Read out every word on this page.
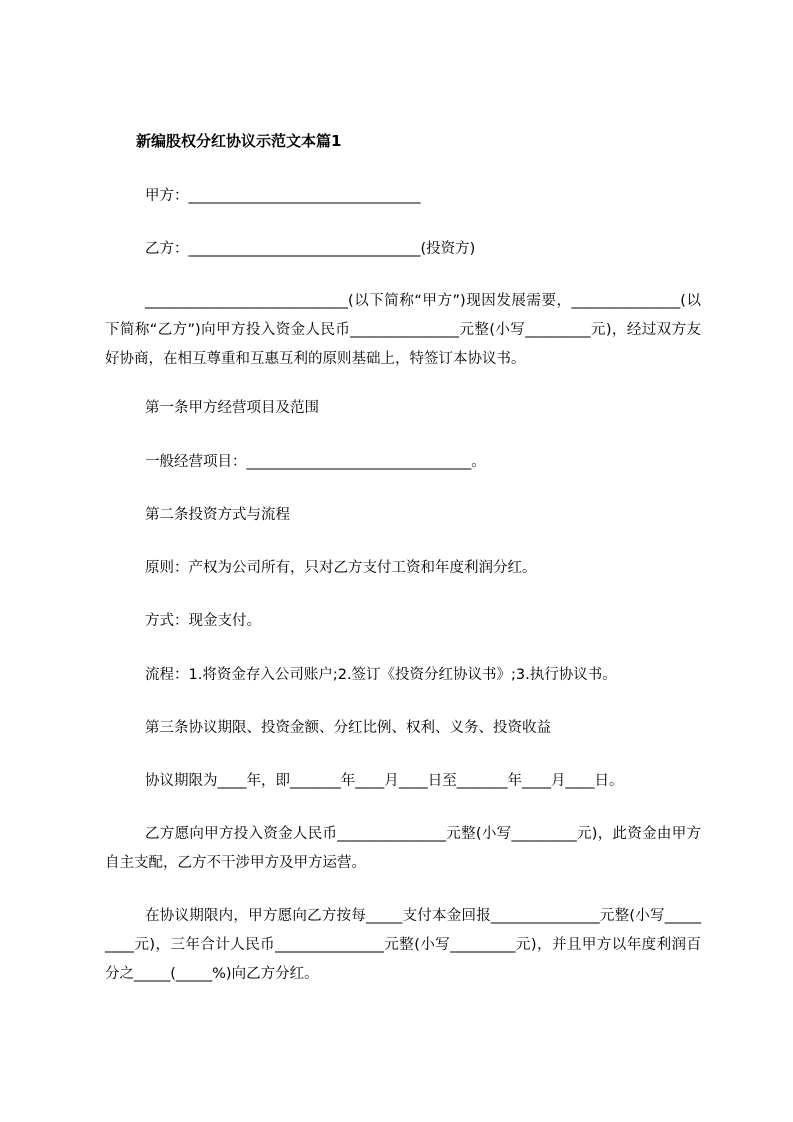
新编股权分红协议示范文本篇1
甲方：________________________________
乙方：________________________________(投资方)
____________________________(以下简称“甲方”)现因发展需要，_______________(以下简称“乙方”)向甲方投入资金人民币_______________元整(小写_________元)，经过双方友好协商，在相互尊重和互惠互利的原则基础上，特签订本协议书。
第一条甲方经营项目及范围
一般经营项目：_______________________________。
第二条投资方式与流程
原则：产权为公司所有，只对乙方支付工资和年度利润分红。
方式：现金支付。
流程：1.将资金存入公司账户;2.签订《投资分红协议书》;3.执行协议书。
第三条协议期限、投资金额、分红比例、权利、义务、投资收益
协议期限为____年，即_______年____月____日至_______年____月____日。
乙方愿向甲方投入资金人民币_______________元整(小写_________元)，此资金由甲方自主支配，乙方不干涉甲方及甲方运营。
在协议期限内，甲方愿向乙方按每_____支付本金回报_______________元整(小写_________元)，三年合计人民币_______________元整(小写_________元)，并且甲方以年度利润百分之_____(_____%)向乙方分红。
